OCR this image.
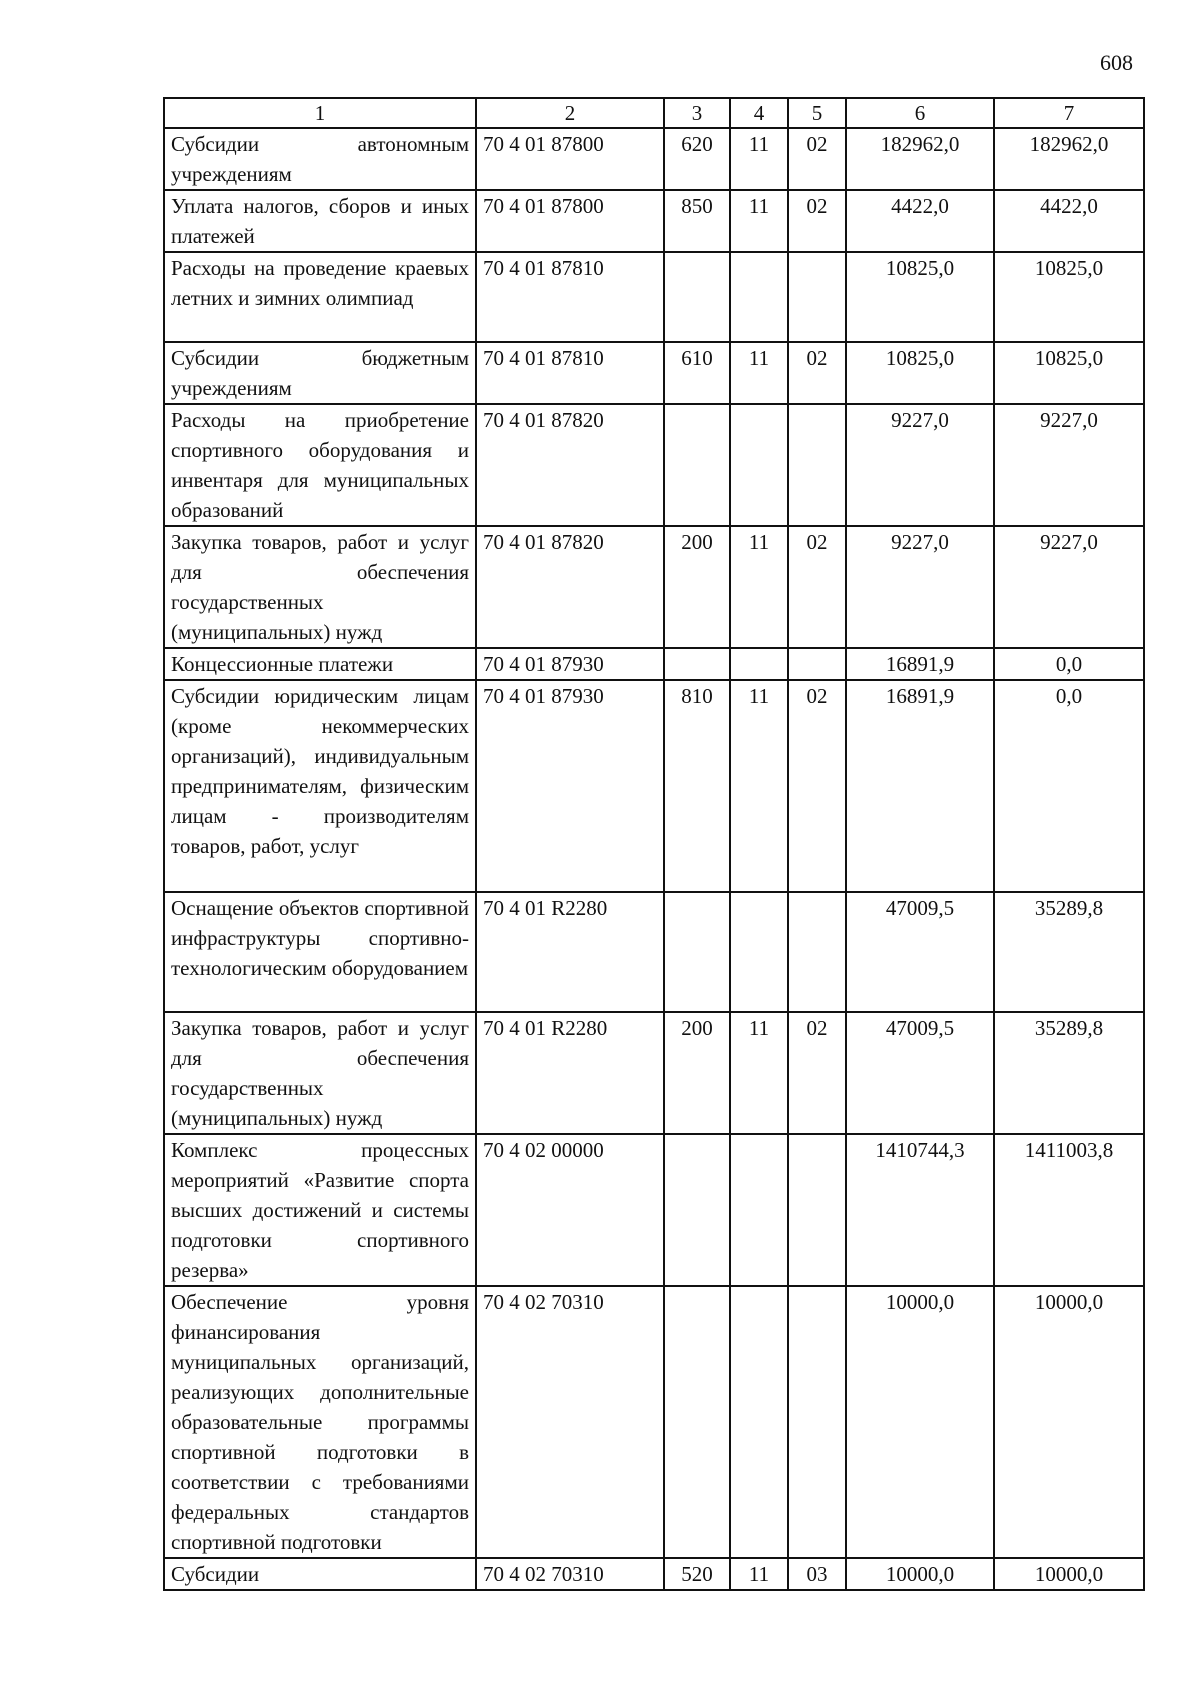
608
1	2	3	4	5	6	7
Субсидии автономным учреждениям	70 4 01 87800	620	11	02	182962,0	182962,0
Уплата налогов, сборов и иных платежей	70 4 01 87800	850	11	02	4422,0	4422,0
Расходы на проведение краевых летних и зимних олимпиад	70 4 01 87810				10825,0	10825,0
Субсидии бюджетным учреждениям	70 4 01 87810	610	11	02	10825,0	10825,0
Расходы на приобретение спортивного оборудования и инвентаря для муниципальных образований	70 4 01 87820				9227,0	9227,0
Закупка товаров, работ и услуг для обеспечения государственных (муниципальных) нужд	70 4 01 87820	200	11	02	9227,0	9227,0
Концессионные платежи	70 4 01 87930				16891,9	0,0
Субсидии юридическим лицам (кроме некоммерческих организаций), индивидуальным предпринимателям, физическим лицам - производителям товаров, работ, услуг	70 4 01 87930	810	11	02	16891,9	0,0
Оснащение объектов спортивной инфраструктуры спортивно-технологическим оборудованием	70 4 01 R2280				47009,5	35289,8
Закупка товаров, работ и услуг для обеспечения государственных (муниципальных) нужд	70 4 01 R2280	200	11	02	47009,5	35289,8
Комплекс процессных мероприятий «Развитие спорта высших достижений и системы подготовки спортивного резерва»	70 4 02 00000				1410744,3	1411003,8
Обеспечение уровня финансирования муниципальных организаций, реализующих дополнительные образовательные программы спортивной подготовки в соответствии с требованиями федеральных стандартов спортивной подготовки	70 4 02 70310				10000,0	10000,0
Субсидии	70 4 02 70310	520	11	03	10000,0	10000,0
